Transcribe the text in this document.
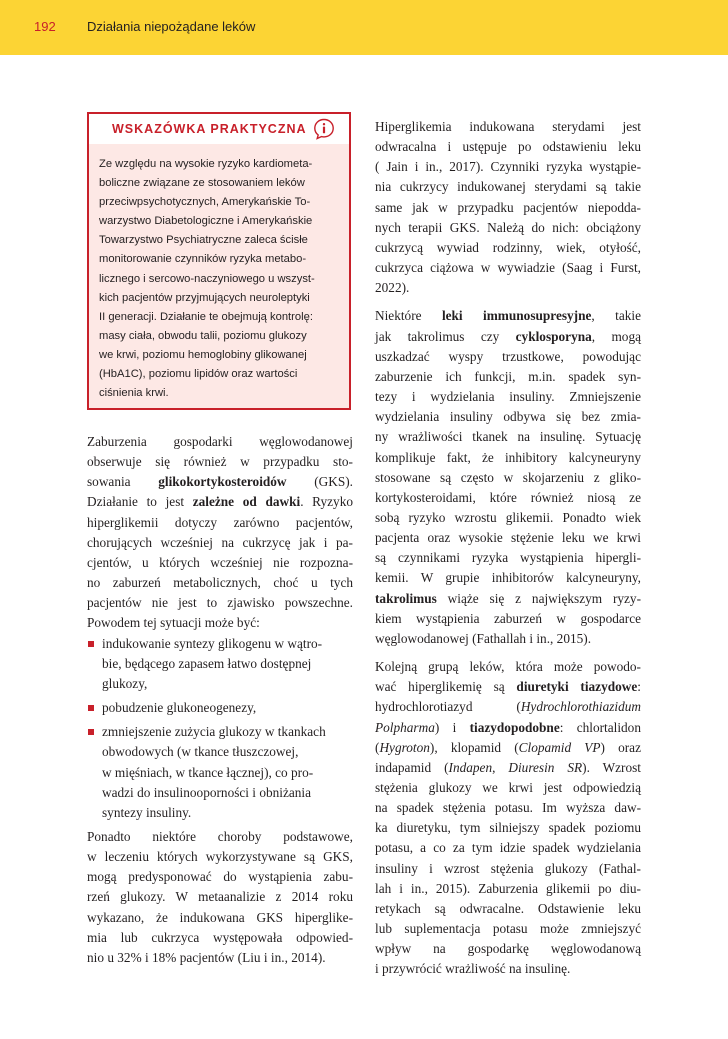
192 Działania niepożądane leków
WSKAZÓWKA PRAKTYCZNA
Ze względu na wysokie ryzyko kardiometa-
boliczne związane ze stosowaniem leków
przeciwpsychotycznych, Amerykańskie To-
warzystwo Diabetologiczne i Amerykańskie
Towarzystwo Psychiatryczne zaleca ścisłe
monitorowanie czynników ryzyka metabo-
licznego i sercowo-naczyniowego u wszyst-
kich pacjentów przyjmujących neuroleptyki
II generacji. Działanie te obejmują kontrolę:
masy ciała, obwodu talii, poziomu glukozy
we krwi, poziomu hemoglobiny glikowanej
(HbA1C), poziomu lipidów oraz wartości
ciśnienia krwi.
Zaburzenia gospodarki węglowodanowej
obserwuje się również w przypadku sto-
sowania glikokortykosteroidów (GKS).
Działanie to jest zależne od dawki. Ryzyko
hiperglikemii dotyczy zarówno pacjentów,
chorujących wcześniej na cukrzycę jak i pa-
cjentów, u których wcześniej nie rozpozna-
no zaburzeń metabolicznych, choć u tych
pacjentów nie jest to zjawisko powszechne.
Powodem tej sytuacji może być:
indukowanie syntezy glikogenu w wątro-
bie, będącego zapasem łatwo dostępnej
glukozy,
pobudzenie glukoneogenezy,
zmniejszenie zużycia glukozy w tkankach
obwodowych (w tkance tłuszczowej,
w mięśniach, w tkance łącznej), co pro-
wadzi do insulinooporności i obniżania
syntezy insuliny.
Ponadto niektóre choroby podstawowe,
w leczeniu których wykorzystywane są GKS,
mogą predysponować do wystąpienia zabu-
rzeń glukozy. W metaanalizie z 2014 roku
wykazano, że indukowana GKS hiperglike-
mia lub cukrzyca występowała odpowied-
nio u 32% i 18% pacjentów (Liu i in., 2014).
Hiperglikemia indukowana sterydami jest
odwracalna i ustępuje po odstawieniu leku
( Jain i in., 2017). Czynniki ryzyka wystąpie-
nia cukrzycy indukowanej sterydami są takie
same jak w przypadku pacjentów niepoddа-
nych terapii GKS. Należą do nich: obciążony
cukrzycą wywiad rodzinny, wiek, otyłość,
cukrzyca ciążowa w wywiadzie (Saag i Furst,
2022).
Niektóre leki immunosupresyjne, takie
jak takrolimus czy cyklosporyna, mogą
uszkadzać wyspy trzustkowe, powodując
zaburzenie ich funkcji, m.in. spadek syn-
tezy i wydzielania insuliny. Zmniejszenie
wydzielania insuliny odbywa się bez zmia-
ny wrażliwości tkanek na insulinę. Sytuację
komplikuje fakt, że inhibitory kalcyneuryny
stosowane są często w skojarzeniu z gliko-
kortykosteroidami, które również niosą ze
sobą ryzyko wzrostu glikemii. Ponadto wiek
pacjenta oraz wysokie stężenie leku we krwi
są czynnikami ryzyka wystąpienia hipergli-
kemii. W grupie inhibitorów kalcyneuryny,
takrolimus wiąże się z największym ryzy-
kiem wystąpienia zaburzeń w gospodarce
węglowodanowej (Fathallah i in., 2015).
Kolejną grupą leków, która może powodo-
wać hiperglikemię są diuretyki tiazydowe:
hydrochlorotiazyd (Hydrochlorothiazidum
Polpharma) i tiazydopodobne: chlortalidon
(Hygroton), klopamid (Clopamid VP) oraz
indapamid (Indapen, Diuresin SR). Wzrost
stężenia glukozy we krwi jest odpowiedzią
na spadek stężenia potasu. Im wyższa daw-
ka diuretyku, tym silniejszy spadek poziomu
potasu, a co za tym idzie spadek wydzielania
insuliny i wzrost stężenia glukozy (Fathal-
lah i in., 2015). Zaburzenia glikemii po diu-
retykach są odwracalne. Odstawienie leku
lub suplementacja potasu może zmniejszyć
wpływ na gospodarkę węglowodanową
i przywrócić wrażliwość na insulinę.
